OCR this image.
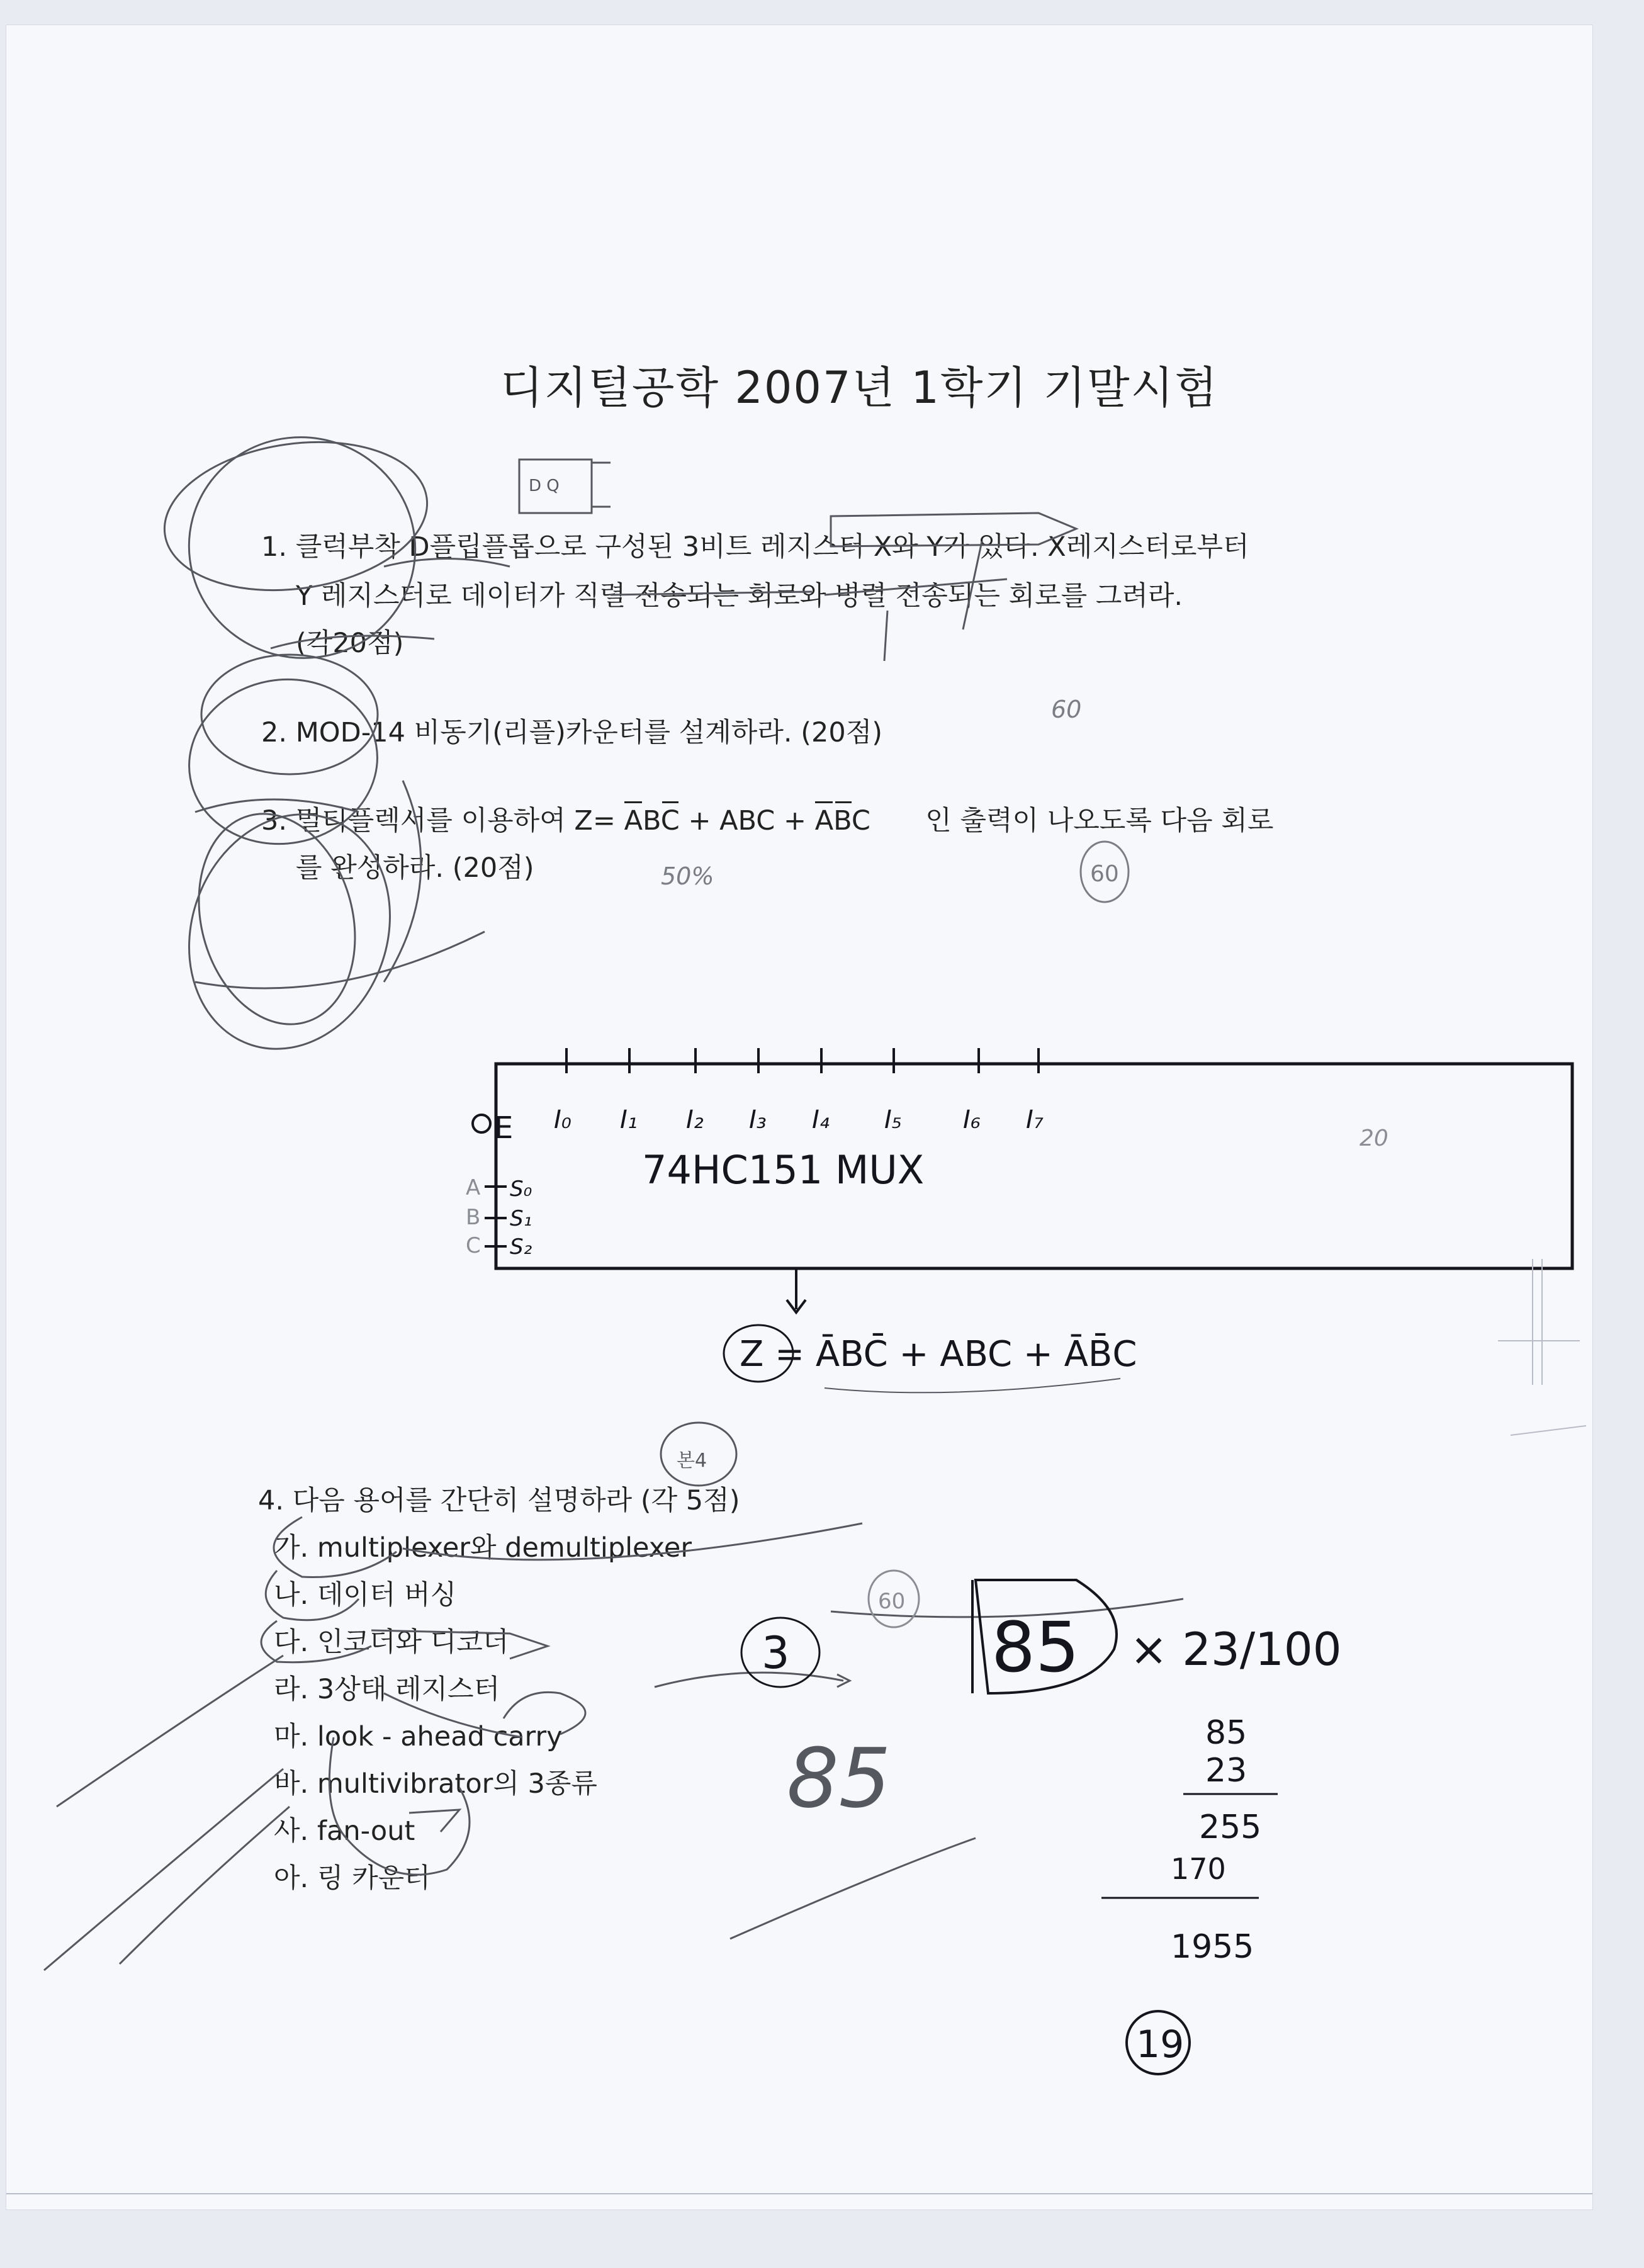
디지털공학 2007년 1학기 기말시험
1. 클럭부착 D플립플롭으로 구성된 3비트 레지스터 X와 Y가 있다. X레지스터로부터
Y 레지스터로 데이터가 직렬 전송되는 회로와 병렬 전송되는 회로를 그려라.
(각20점)
2. MOD-14 비동기(리플)카운터를 설계하라. (20점)
3. 멀티플렉서를 이용하여 Z= ABC + ABC + ABC 인 출력이 나오도록 다음 회로
를 완성하라. (20점)
4. 다음 용어를 간단히 설명하라 (각 5점)
가. multiplexer와 demultiplexer
나. 데이터 버싱
다. 인코더와 디코더
라. 3상태 레지스터
마. look - ahead carry
바. multivibrator의 3종류
사. fan-out
아. 링 카운터
D Q
60
50%	60
20
E I₀ I₁ I₂ I₃ I₄ I₅ I₆ I₇
74HC151 MUX
S₀
S₁
S₂
A
B
C
Z = ĀBC̄ + ABC + ĀB̄C
본4
60
3
85
85 × 23/100
85
23
255
170
1955
19
